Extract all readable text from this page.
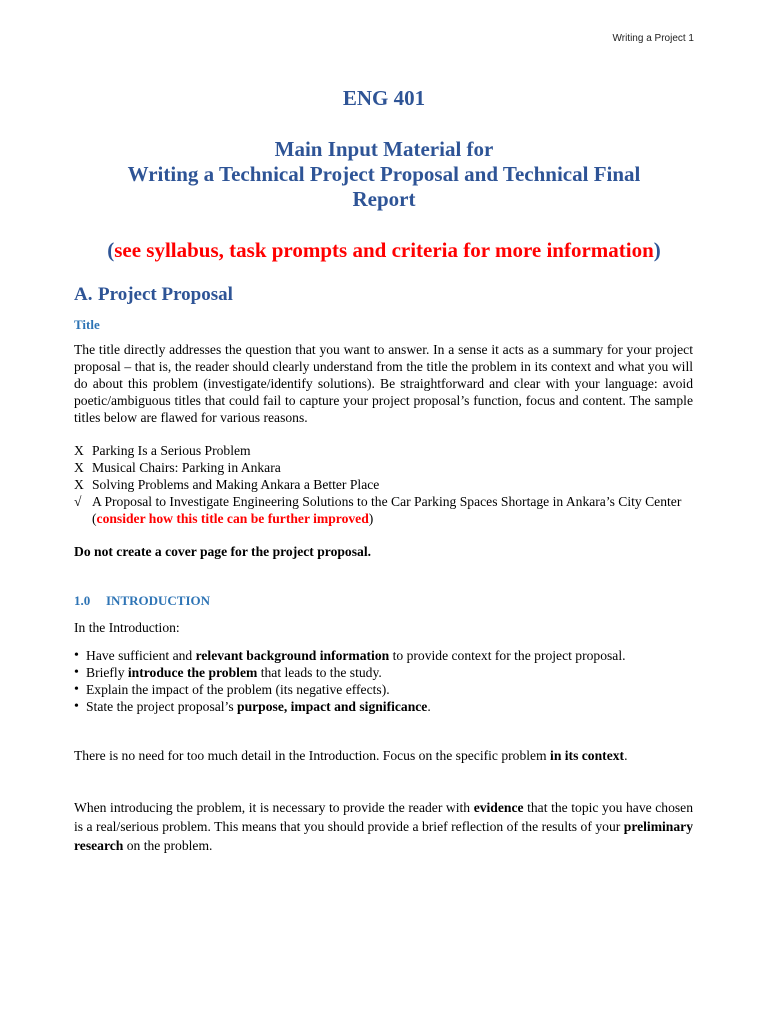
Writing a Project 1
ENG 401
Main Input Material for
Writing a Technical Project Proposal and Technical Final
Report
(see syllabus, task prompts and criteria for more information)
A. Project Proposal
Title
The title directly addresses the question that you want to answer. In a sense it acts as a summary for your project proposal – that is, the reader should clearly understand from the title the problem in its context and what you will do about this problem (investigate/identify solutions). Be straightforward and clear with your language: avoid poetic/ambiguous titles that could fail to capture your project proposal’s function, focus and content. The sample titles below are flawed for various reasons.
X Parking Is a Serious Problem
X Musical Chairs: Parking in Ankara
X Solving Problems and Making Ankara a Better Place
√ A Proposal to Investigate Engineering Solutions to the Car Parking Spaces Shortage in Ankara’s City Center (consider how this title can be further improved)
Do not create a cover page for the project proposal.
1.0 INTRODUCTION
In the Introduction:
• Have sufficient and relevant background information to provide context for the project proposal.
• Briefly introduce the problem that leads to the study.
• Explain the impact of the problem (its negative effects).
• State the project proposal’s purpose, impact and significance.
There is no need for too much detail in the Introduction. Focus on the specific problem in its context.
When introducing the problem, it is necessary to provide the reader with evidence that the topic you have chosen is a real/serious problem. This means that you should provide a brief reflection of the results of your preliminary research on the problem.
